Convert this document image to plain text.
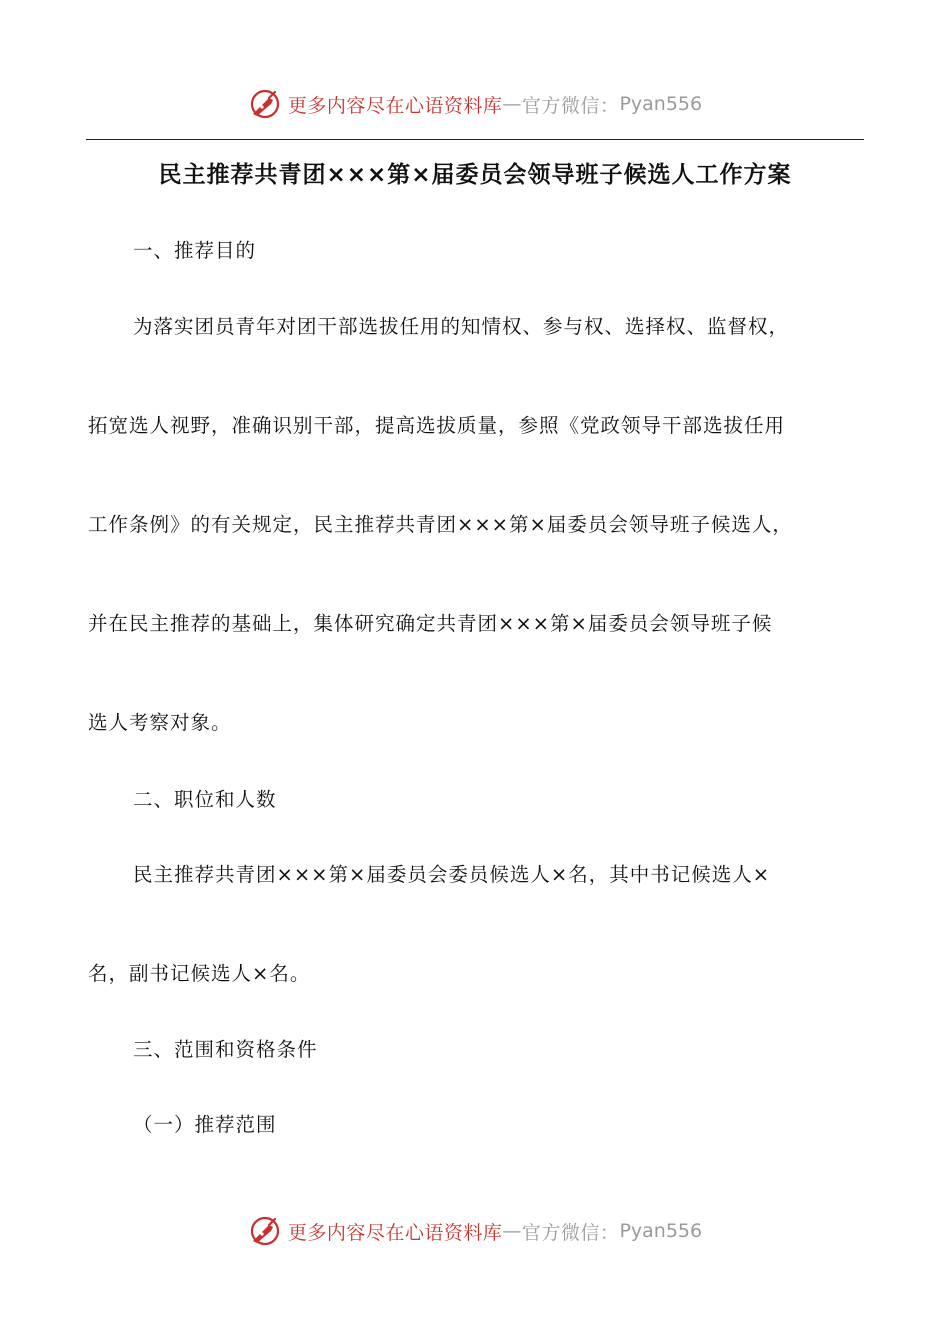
更多内容尽在心语资料库 — 官方微信： Pyan556
民主推荐共青团×××第×届委员会领导班子候选人工作方案
一、推荐目的
为落实团员青年对团干部选拔任用的知情权、参与权、选择权、监督权，
拓宽选人视野，准确识别干部，提高选拔质量，参照《党政领导干部选拔任用
工作条例》的有关规定，民主推荐共青团×××第×届委员会领导班子候选人，
并在民主推荐的基础上，集体研究确定共青团×××第×届委员会领导班子候
选人考察对象。
二、职位和人数
民主推荐共青团×××第×届委员会委员候选人×名，其中书记候选人×
名，副书记候选人×名。
三、范围和资格条件
（一）推荐范围
更多内容尽在心语资料库 — 官方微信： Pyan556
